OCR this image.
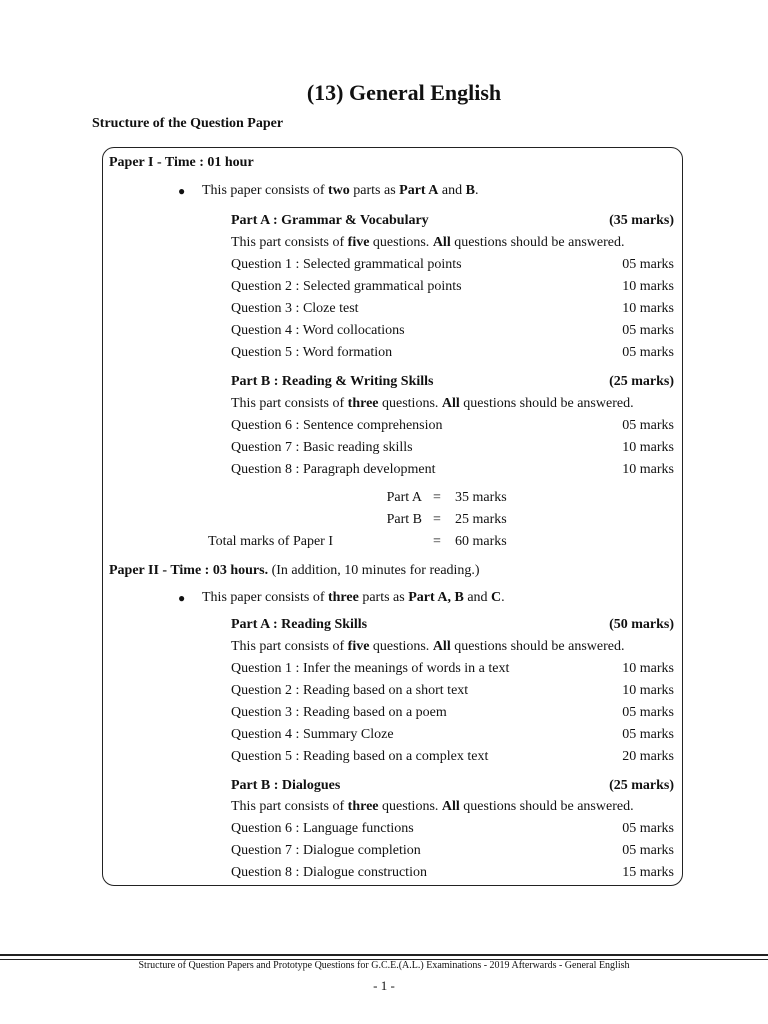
(13) General English
Structure of the Question Paper
Paper I - Time : 01 hour
● This paper consists of two parts as Part A and B.
Part A : Grammar & Vocabulary	(35 marks)
This part consists of five questions. All questions should be answered.
Question 1 : Selected grammatical points	05 marks
Question 2 : Selected grammatical points	10 marks
Question 3 : Cloze test	10 marks
Question 4 : Word collocations	05 marks
Question 5 : Word formation	05 marks
Part B : Reading & Writing Skills	(25 marks)
This part consists of three questions. All questions should be answered.
Question 6 : Sentence comprehension	05 marks
Question 7 : Basic reading skills	10 marks
Question 8 : Paragraph development	10 marks
Part A = 35 marks
Part B = 25 marks
Total marks of Paper I	= 60 marks
Paper II - Time : 03 hours. (In addition, 10 minutes for reading.)
● This paper consists of three parts as Part A, B and C.
Part A : Reading Skills	(50 marks)
This part consists of five questions. All questions should be answered.
Question 1 : Infer the meanings of words in a text	10 marks
Question 2 : Reading based on a short text	10 marks
Question 3 : Reading based on a poem	05 marks
Question 4 : Summary Cloze	05 marks
Question 5 : Reading based on a complex text	20 marks
Part B : Dialogues	(25 marks)
This part consists of three questions. All questions should be answered.
Question 6 : Language functions	05 marks
Question 7 : Dialogue completion	05 marks
Question 8 : Dialogue construction	15 marks
Structure of Question Papers and Prototype Questions for G.C.E.(A.L.) Examinations - 2019 Afterwards - General English
- 1 -
